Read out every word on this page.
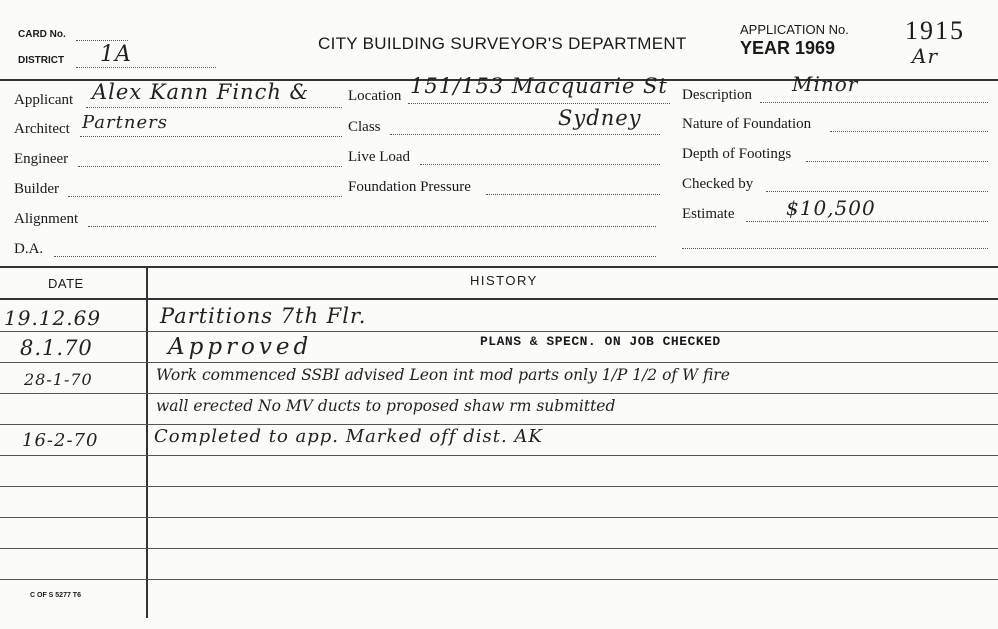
CARD No.
DISTRICT 1A	CITY BUILDING SURVEYOR'S DEPARTMENT
APPLICATION No.
YEAR 1969
1915
Ar
Applicant Alex Kann Finch &
Architect Partners
Engineer
Builder
Alignment
D.A.
Location 151/153 Macquarie St
Class	Sydney
Live Load
Foundation Pressure
Description Minor
Nature of Foundation
Depth of Footings
Checked by
Estimate	$10,500
DATE	HISTORY
19.12.69	Partitions 7th Flr.
8.1.70	Approved	PLANS & SPECN. ON JOB CHECKED
28-1-70	Work commenced SSBI advised Leon int mod parts only 1/P 1/2 of W fire
wall erected No MV ducts to proposed shaw rm submitted
16-2-70	Completed to app. Marked off dist. AK
C OF S 5277 T6
